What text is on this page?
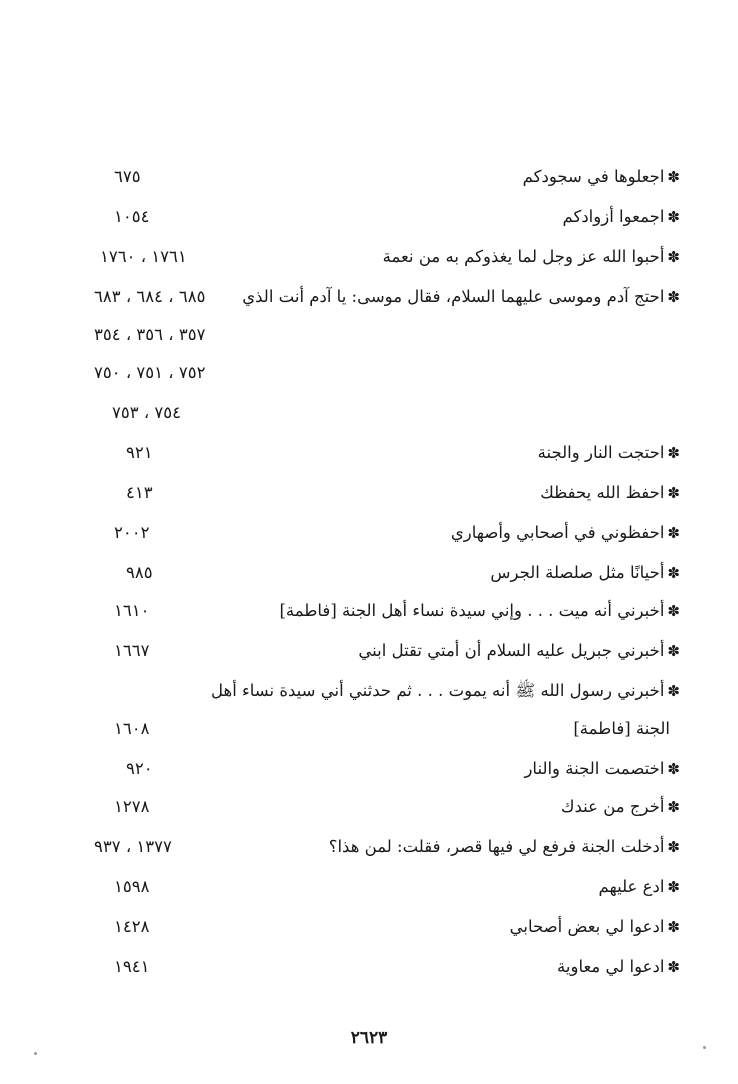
✽اجعلوها في سجودكم
٦٧٥
✽اجمعوا أزوادكم
١٠٥٤
✽أحبوا الله عز وجل لما يغذوكم به من نعمة
١٧٦١ ، ١٧٦٠
✽احتج آدم وموسى عليهما السلام، فقال موسى: يا آدم أنت الذي
٦٨٥ ، ٦٨٤ ، ٦٨٣
٣٥٧ ، ٣٥٦ ، ٣٥٤
٧٥٢ ، ٧٥١ ، ٧٥٠
٧٥٤ ، ٧٥٣
✽احتجت النار والجنة
٩٢١
✽احفظ الله يحفظك
٤١٣
✽احفظوني في أصحابي وأصهاري
٢٠٠٢
✽أحيانًا مثل صلصلة الجرس
٩٨٥
✽أخبرني أنه ميت . . . وإني سيدة نساء أهل الجنة [فاطمة]
١٦١٠
✽أخبرني جبريل عليه السلام أن أمتي تقتل ابني
١٦٦٧
✽أخبرني رسول الله ﷺ أنه يموت . . . ثم حدثني أني سيدة نساء أهل
الجنة [فاطمة]
١٦٠٨
✽اختصمت الجنة والنار
٩٢٠
✽أخرج من عندك
١٢٧٨
✽أدخلت الجنة فرفع لي فيها قصر، فقلت: لمن هذا؟
١٣٧٧ ، ٩٣٧
✽ادع عليهم
١٥٩٨
✽ادعوا لي بعض أصحابي
١٤٢٨
✽ادعوا لي معاوية
١٩٤١
٢٦٢٣
